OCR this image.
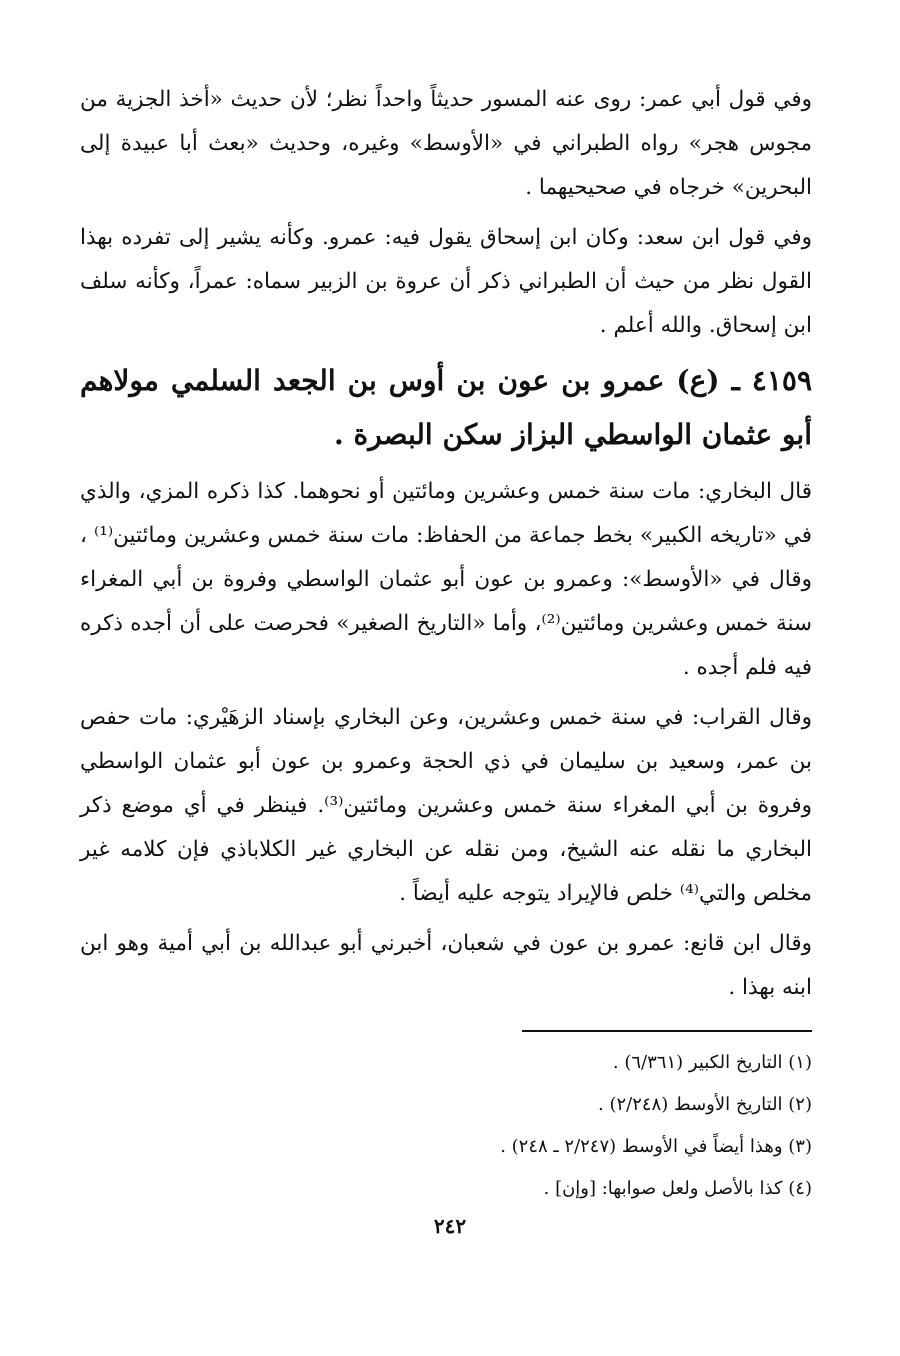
وفي قول أبي عمر: روى عنه المسور حديثاً واحداً نظر؛ لأن حديث «أخذ الجزية من مجوس هجر» رواه الطبراني في «الأوسط» وغيره، وحديث «بعث أبا عبيدة إلى البحرين» خرجاه في صحيحيهما .

وفي قول ابن سعد: وكان ابن إسحاق يقول فيه: عمرو. وكأنه يشير إلى تفرده بهذا القول نظر من حيث أن الطبراني ذكر أن عروة بن الزبير سماه: عمراً، وكأنه سلف ابن إسحاق. والله أعلم .

٤١٥٩ ـ (ع) عمرو بن عون بن أوس بن الجعد السلمي مولاهم أبو عثمان الواسطي البزاز سكن البصرة .

قال البخاري: مات سنة خمس وعشرين ومائتين أو نحوهما. كذا ذكره المزي، والذي في «تاريخه الكبير» بخط جماعة من الحفاظ: مات سنة خمس وعشرين ومائتين⁽¹⁾ ، وقال في «الأوسط»: وعمرو بن عون أبو عثمان الواسطي وفروة بن أبي المغراء سنة خمس وعشرين ومائتين⁽²⁾، وأما «التاريخ الصغير» فحرصت على أن أجده ذكره فيه فلم أجده .

وقال القراب: في سنة خمس وعشرين، وعن البخاري بإسناد الزهَيْري: مات حفص بن عمر، وسعيد بن سليمان في ذي الحجة وعمرو بن عون أبو عثمان الواسطي وفروة بن أبي المغراء سنة خمس وعشرين ومائتين⁽³⁾. فينظر في أي موضع ذكر البخاري ما نقله عنه الشيخ، ومن نقله عن البخاري غير الكلاباذي فإن كلامه غير مخلص والتي⁽⁴⁾ خلص فالإيراد يتوجه عليه أيضاً .

وقال ابن قانع: عمرو بن عون في شعبان، أخبرني أبو عبدالله بن أبي أمية وهو ابن ابنه بهذا .

(١) التاريخ الكبير (٦/٣٦١) .

(٢) التاريخ الأوسط (٢/٢٤٨) .

(٣) وهذا أيضاً في الأوسط (٢/٢٤٧ ـ ٢٤٨) .

(٤) كذا بالأصل ولعل صوابها: [وإن] .

٢٤٢
